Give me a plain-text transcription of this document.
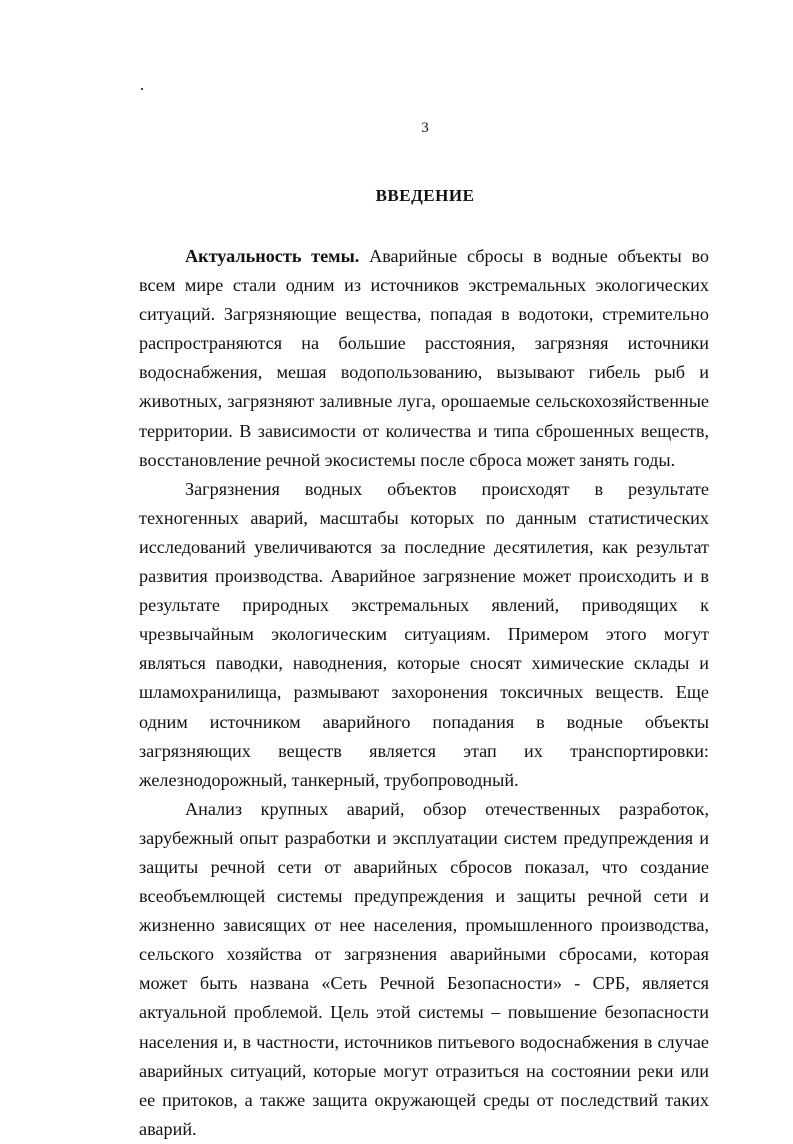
3
ВВЕДЕНИЕ

Актуальность темы. Аварийные сбросы в водные объекты во всем мире стали одним из источников экстремальных экологических ситуаций. Загрязняющие вещества, попадая в водотоки, стремительно распространяются на большие расстояния, загрязняя источники водоснабжения, мешая водопользованию, вызывают гибель рыб и животных, загрязняют заливные луга, орошаемые сельскохозяйственные территории. В зависимости от количества и типа сброшенных веществ, восстановление речной экосистемы после сброса может занять годы.

Загрязнения водных объектов происходят в результате техногенных аварий, масштабы которых по данным статистических исследований увеличиваются за последние десятилетия, как результат развития производства. Аварийное загрязнение может происходить и в результате природных экстремальных явлений, приводящих к чрезвычайным экологическим ситуациям. Примером этого могут являться паводки, наводнения, которые сносят химические склады и шламохранилища, размывают захоронения токсичных веществ. Еще одним источником аварийного попадания в водные объекты загрязняющих веществ является этап их транспортировки: железнодорожный, танкерный, трубопроводный.

Анализ крупных аварий, обзор отечественных разработок, зарубежный опыт разработки и эксплуатации систем предупреждения и защиты речной сети от аварийных сбросов показал, что создание всеобъемлющей системы предупреждения и защиты речной сети и жизненно зависящих от нее населения, промышленного производства, сельского хозяйства от загрязнения аварийными сбросами, которая может быть названа «Сеть Речной Безопасности» - СРБ, является актуальной проблемой. Цель этой системы – повышение безопасности населения и, в частности, источников питьевого водоснабжения в случае аварийных ситуаций, которые могут отразиться на состоянии реки или ее притоков, а также защита окружающей среды от последствий таких аварий.
